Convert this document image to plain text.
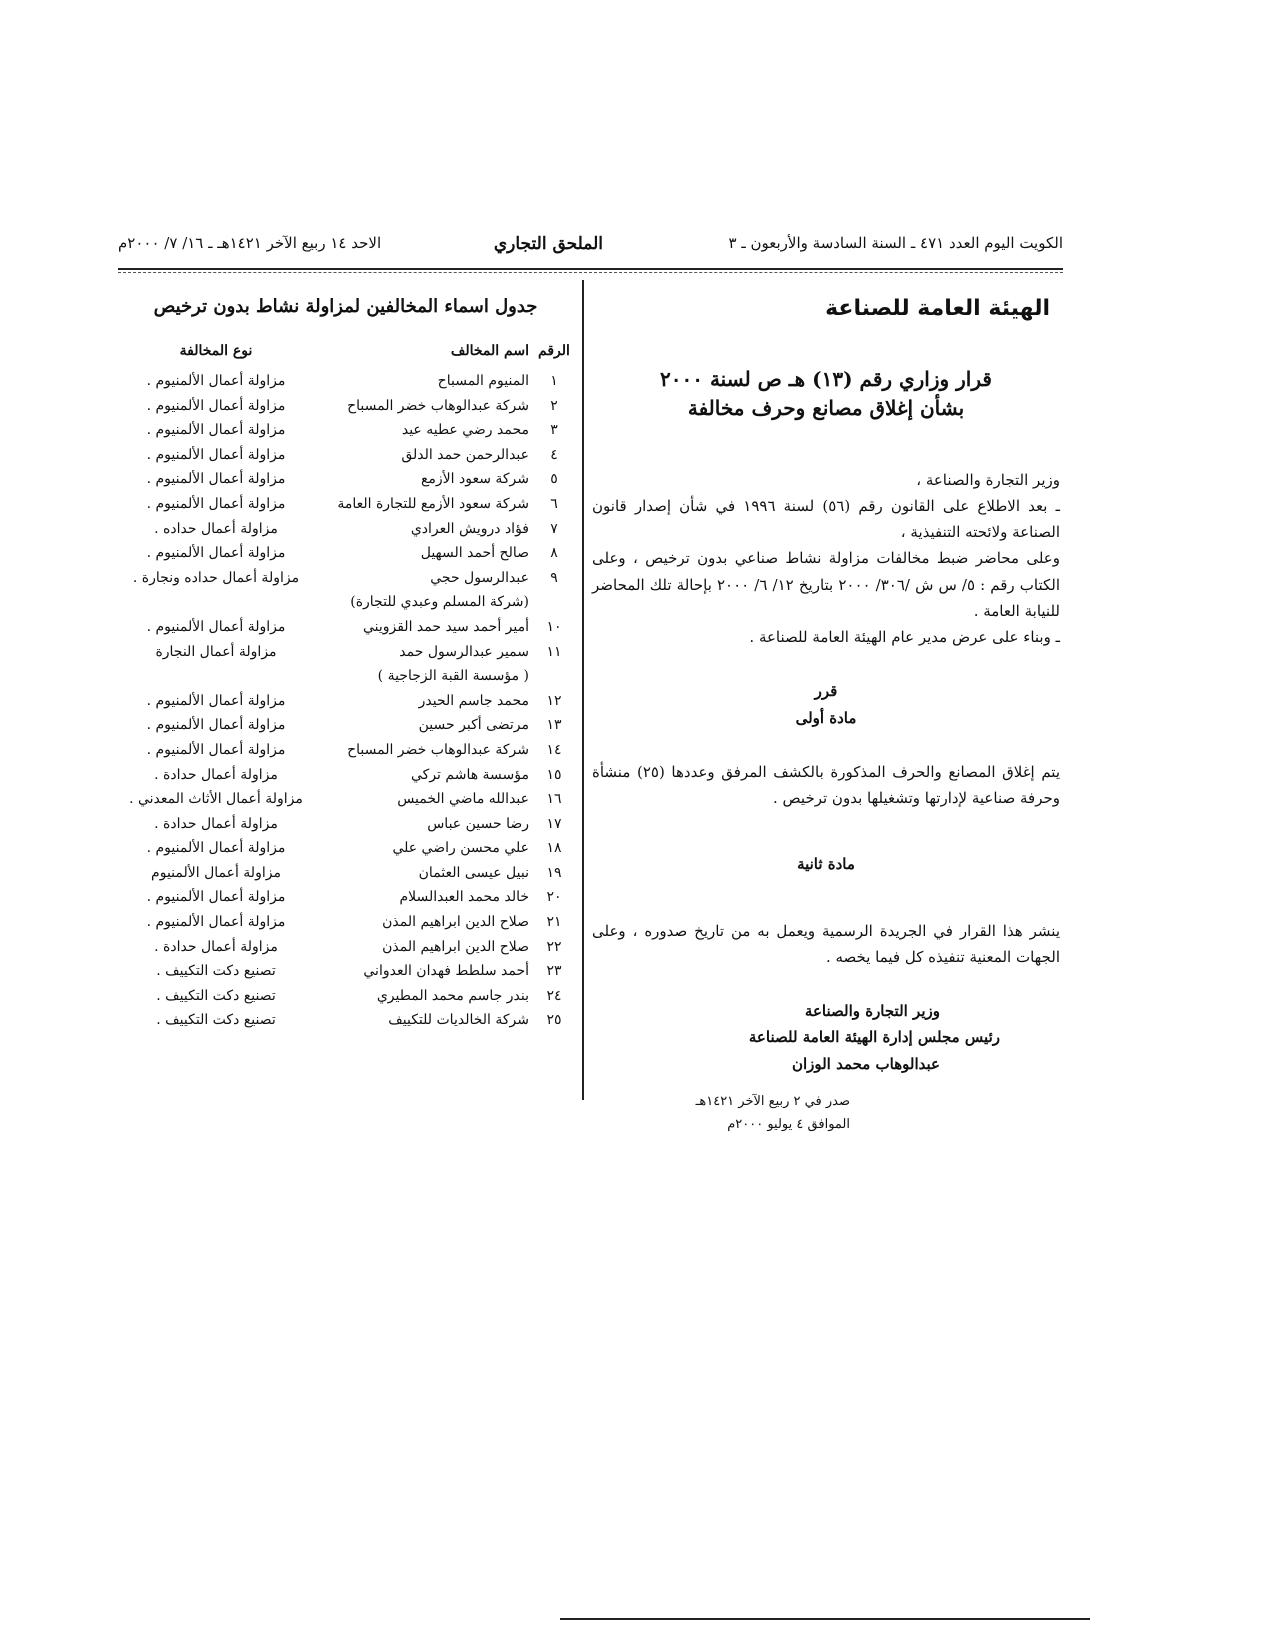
الكويت اليوم العدد ٤٧١ ـ السنة السادسة والأربعون ـ ٣
الملحق التجاري
الاحد ١٤ ربيع الآخر ١٤٢١هـ ـ ١٦/ ٧/ ٢٠٠٠م
الهيئة العامة للصناعة
قرار وزاري رقم (١٣) هـ ص لسنة ٢٠٠٠
بشأن إغلاق مصانع وحرف مخالفة

وزير التجارة والصناعة ،

ـ بعد الاطلاع على القانون رقم (٥٦) لسنة ١٩٩٦ في شأن إصدار قانون الصناعة ولائحته التنفيذية ،

وعلى محاضر ضبط مخالفات مزاولة نشاط صناعي بدون ترخيص ، وعلى الكتاب رقم : ٥/ س ش /٣٠٦/ ٢٠٠٠ بتاريخ ١٢/ ٦/ ٢٠٠٠ بإحالة تلك المحاضر للنيابة العامة .

ـ وبناء على عرض مدير عام الهيئة العامة للصناعة .

قرر

مادة أولى

يتم إغلاق المصانع والحرف المذكورة بالكشف المرفق وعددها (٢٥) منشأة وحرفة صناعية لإدارتها وتشغيلها بدون ترخيص .

مادة ثانية

ينشر هذا القرار في الجريدة الرسمية ويعمل به من تاريخ صدوره ، وعلى الجهات المعنية تنفيذه كل فيما يخصه .

وزير التجارة والصناعة
رئيس مجلس إدارة الهيئة العامة للصناعة
عبدالوهاب محمد الوزان
صدر في ٢ ربيع الآخر ١٤٢١هـ
الموافق ٤ يوليو ٢٠٠٠م
جدول اسماء المخالفين لمزاولة نشاط بدون ترخيص
الرقم
اسم المخالف
نوع المخالفة
١
المنيوم المسباح
مزاولة أعمال الألمنيوم .
٢
شركة عبدالوهاب خضر المسباح
مزاولة أعمال الألمنيوم .
٣
محمد رضي عطيه عيد
مزاولة أعمال الألمنيوم .
٤
عبدالرحمن حمد الدلق
مزاولة أعمال الألمنيوم .
٥
شركة سعود الأزمع
مزاولة أعمال الألمنيوم .
٦
شركة سعود الأزمع للتجارة العامة
مزاولة أعمال الألمنيوم .
٧
فؤاد درويش العرادي
مزاولة أعمال حداده .
٨
صالح أحمد السهيل
مزاولة أعمال الألمنيوم .
٩
عبدالرسول حجي
مزاولة أعمال حداده ونجارة .
(شركة المسلم وعبدي للتجارة)
١٠
أمير أحمد سيد حمد القزويني
مزاولة أعمال الألمنيوم .
١١
سمير عبدالرسول حمد
مزاولة أعمال النجارة
( مؤسسة القبة الزجاجية )
١٢
محمد جاسم الحيدر
مزاولة أعمال الألمنيوم .
١٣
مرتضى أكبر حسين
مزاولة أعمال الألمنيوم .
١٤
شركة عبدالوهاب خضر المسباح
مزاولة أعمال الألمنيوم .
١٥
مؤسسة هاشم تركي
مزاولة أعمال حدادة .
١٦
عبدالله ماضي الخميس
مزاولة أعمال الأثاث المعدني .
١٧
رضا حسين عباس
مزاولة أعمال حدادة .
١٨
علي محسن راضي علي
مزاولة أعمال الألمنيوم .
١٩
نبيل عيسى العثمان
مزاولة أعمال الألمنيوم
٢٠
خالد محمد العبدالسلام
مزاولة أعمال الألمنيوم .
٢١
صلاح الدين ابراهيم المذن
مزاولة أعمال الألمنيوم .
٢٢
صلاح الدين ابراهيم المذن
مزاولة أعمال حدادة .
٢٣
أحمد سلطط فهدان العدواني
تصنيع دكت التكييف .
٢٤
بندر جاسم محمد المطيري
تصنيع دكت التكييف .
٢٥
شركة الخالديات للتكييف
تصنيع دكت التكييف .
